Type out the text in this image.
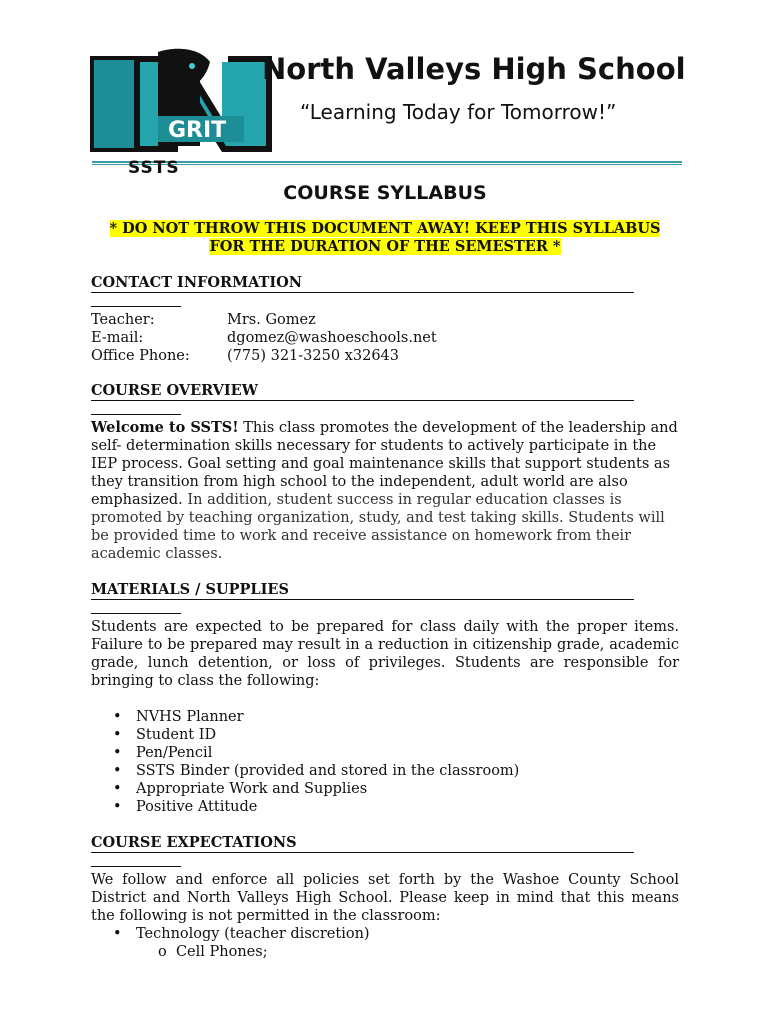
GRIT
North Valleys High School
“Learning Today for Tomorrow!”
SSTS
COURSE SYLLABUS
* DO NOT THROW THIS DOCUMENT AWAY! KEEP THIS SYLLABUS
FOR THE DURATION OF THE SEMESTER *
CONTACT INFORMATION
Teacher:	Mrs. Gomez
E-mail:	dgomez@washoeschools.net
Office Phone:	(775) 321-3250 x32643
COURSE OVERVIEW
Welcome to SSTS! This class promotes the development of the leadership and self- determination skills necessary for students to actively participate in the IEP process. Goal setting and goal maintenance skills that support students as they transition from high school to the independent, adult world are also emphasized. In addition, student success in regular education classes is promoted by teaching organization, study, and test taking skills. Students will be provided time to work and receive assistance on homework from their academic classes.
MATERIALS / SUPPLIES
Students are expected to be prepared for class daily with the proper items. Failure to be prepared may result in a reduction in citizenship grade, academic grade, lunch detention, or loss of privileges. Students are responsible for bringing to class the following:
• NVHS Planner
• Student ID
• Pen/Pencil
• SSTS Binder (provided and stored in the classroom)
• Appropriate Work and Supplies
• Positive Attitude
COURSE EXPECTATIONS
We follow and enforce all policies set forth by the Washoe County School District and North Valleys High School. Please keep in mind that this means the following is not permitted in the classroom:
• Technology (teacher discretion)
o Cell Phones;
